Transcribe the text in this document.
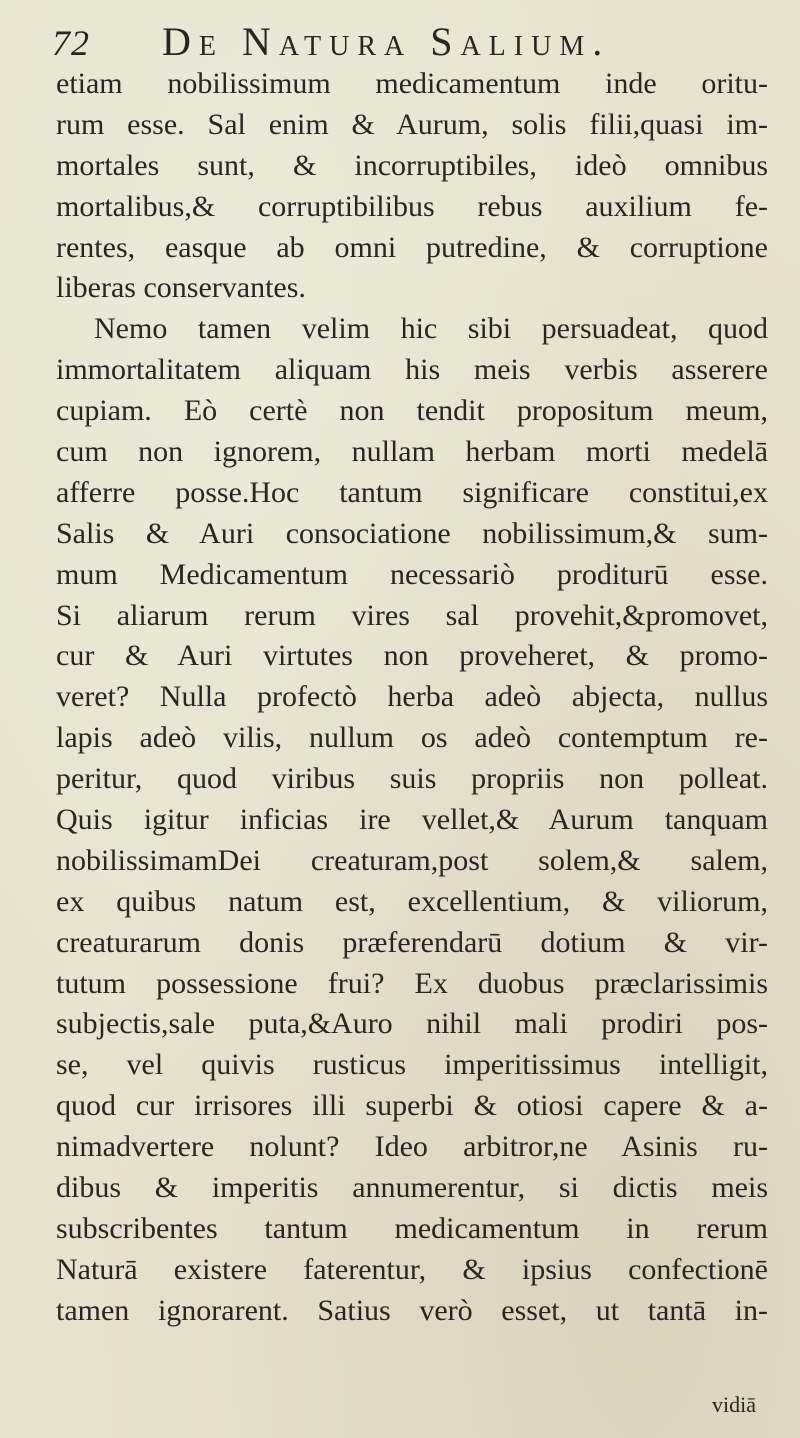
72	De Natura Salium.
etiam nobilissimum medicamentum inde oritu-
rum esse. Sal enim & Aurum, solis filii,quasi im-
mortales sunt, & incorruptibiles, ideò omnibus
mortalibus,& corruptibilibus rebus auxilium fe-
rentes, easque ab omni putredine, & corruptione
liberas conservantes.
Nemo tamen velim hic sibi persuadeat, quod
immortalitatem aliquam his meis verbis asserere
cupiam. Eò certè non tendit propositum meum,
cum non ignorem, nullam herbam morti medelā
afferre posse.Hoc tantum significare constitui,ex
Salis & Auri consociatione nobilissimum,& sum-
mum Medicamentum necessariò proditurū esse.
Si aliarum rerum vires sal provehit,&promovet,
cur & Auri virtutes non proveheret, & promo-
veret? Nulla profectò herba adeò abjecta, nullus
lapis adeò vilis, nullum os adeò contemptum re-
peritur, quod viribus suis propriis non polleat.
Quis igitur inficias ire vellet,& Aurum tanquam
nobilissimamDei creaturam,post solem,& salem,
ex quibus natum est, excellentium, & viliorum,
creaturarum donis præferendarū dotium & vir-
tutum possessione frui? Ex duobus præclarissimis
subjectis,sale puta,&Auro nihil mali prodiri pos-
se, vel quivis rusticus imperitissimus intelligit,
quod cur irrisores illi superbi & otiosi capere & a-
nimadvertere nolunt? Ideo arbitror,ne Asinis ru-
dibus & imperitis annumerentur, si dictis meis
subscribentes tantum medicamentum in rerum
Naturā existere faterentur, & ipsius confectionē
tamen ignorarent. Satius verò esset, ut tantā in-
vidiā
